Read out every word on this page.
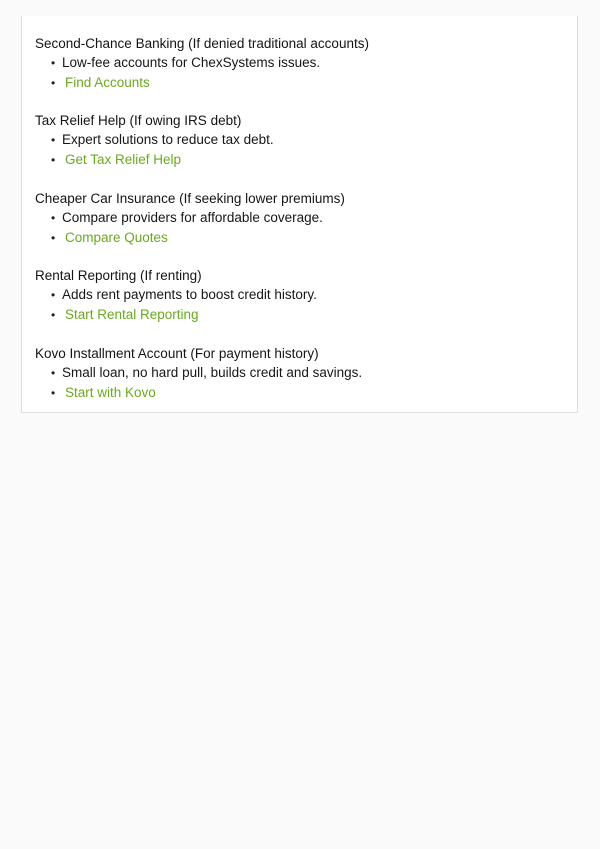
Second-Chance Banking (If denied traditional accounts)
• Low-fee accounts for ChexSystems issues.
• Find Accounts
Tax Relief Help (If owing IRS debt)
• Expert solutions to reduce tax debt.
• Get Tax Relief Help
Cheaper Car Insurance (If seeking lower premiums)
• Compare providers for affordable coverage.
• Compare Quotes
Rental Reporting (If renting)
• Adds rent payments to boost credit history.
• Start Rental Reporting
Kovo Installment Account (For payment history)
• Small loan, no hard pull, builds credit and savings.
• Start with Kovo
